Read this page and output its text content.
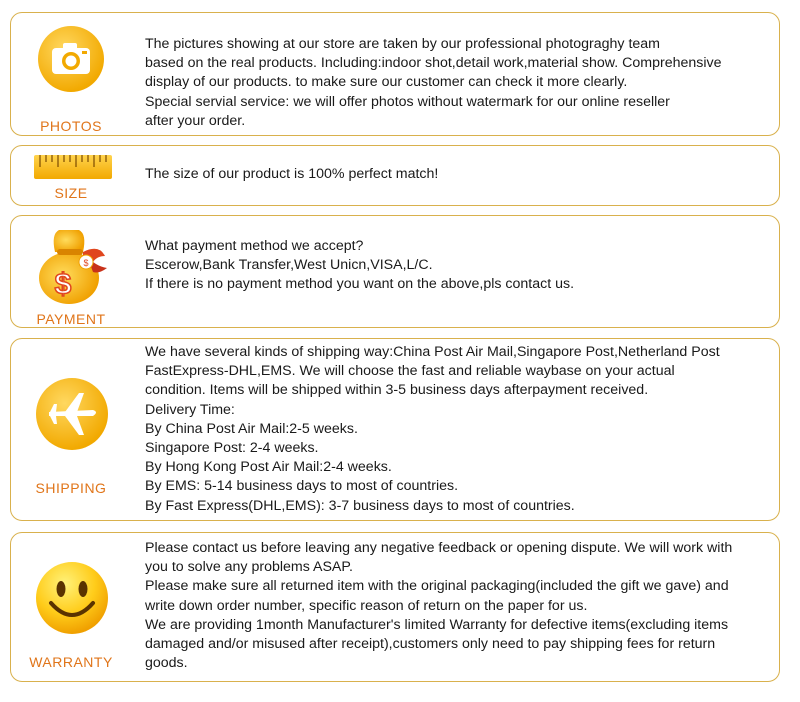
PHOTOS
The pictures showing at our store are taken by our professional photograghy team
based on the real products. Including:indoor shot,detail work,material show. Comprehensive
display of our products. to make sure our customer can check it more clearly.
Special servial service: we will offer photos without watermark for our online reseller
after your order.
SIZE
The size of our product is 100% perfect match!
$
$
PAYMENT
What payment method we accept?
Escerow,Bank Transfer,West Unicn,VISA,L/C.
If there is no payment method you want on the above,pls contact us.
SHIPPING
We have several kinds of shipping way:China Post Air Mail,Singapore Post,Netherland Post
FastExpress-DHL,EMS. We will choose the fast and reliable waybase on your actual
condition. Items will be shipped within 3-5 business days afterpayment received.
Delivery Time:
By China Post Air Mail:2-5 weeks.
Singapore Post: 2-4 weeks.
By Hong Kong Post Air Mail:2-4 weeks.
By EMS: 5-14 business days to most of countries.
By Fast Express(DHL,EMS): 3-7 business days to most of countries.
WARRANTY
Please contact us before leaving any negative feedback or opening dispute. We will work with
you to solve any problems ASAP.
Please make sure all returned item with the original packaging(included the gift we gave) and
write down order number, specific reason of return on the paper for us.
We are providing 1month Manufacturer's limited Warranty for defective items(excluding items
damaged and/or misused after receipt),customers only need to pay shipping fees for return
goods.
